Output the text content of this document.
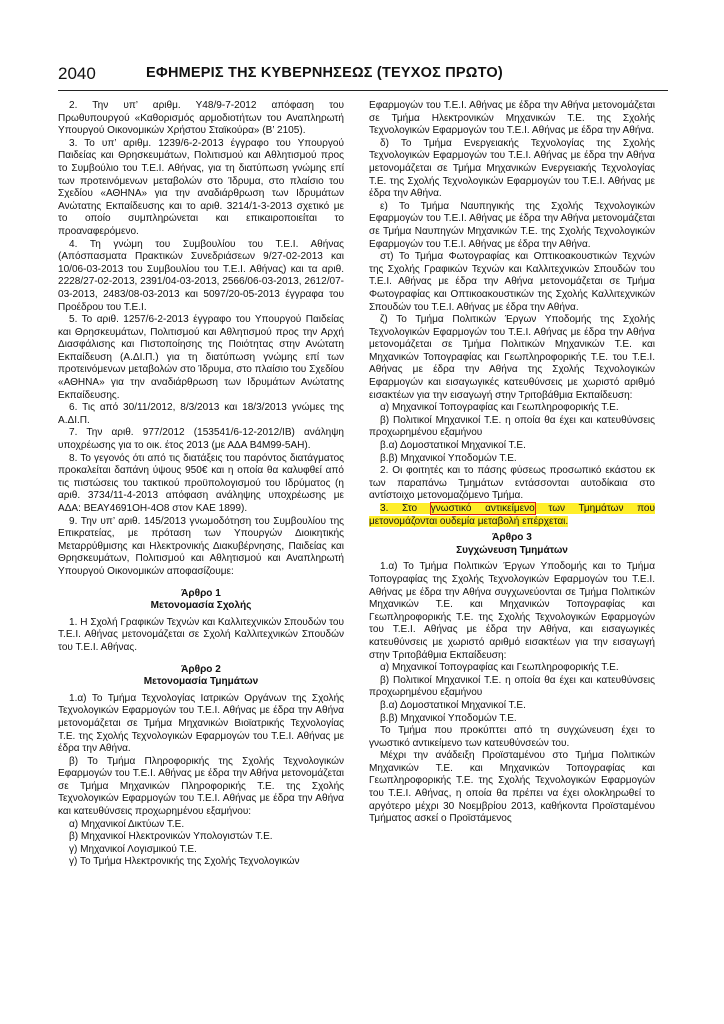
2040	ΕΦΗΜΕΡΙΣ ΤΗΣ ΚΥΒΕΡΝΗΣΕΩΣ (ΤΕΥΧΟΣ ΠΡΩΤΟ)

2. Την υπ’ αριθμ. Υ48/9-7-2012 απόφαση του Πρωθυπουργού «Καθορισμός αρμοδιοτήτων του Αναπληρωτή Υπουργού Οικονομικών Χρήστου Σταϊκούρα» (Β’ 2105).

3. Το υπ’ αριθμ. 1239/6-2-2013 έγγραφο του Υπουργού Παιδείας και Θρησκευμάτων, Πολιτισμού και Αθλητισμού προς το Συμβούλιο του Τ.Ε.Ι. Αθήνας, για τη διατύπωση γνώμης επί των προτεινόμενων μεταβολών στο Ίδρυμα, στο πλαίσιο του Σχεδίου «ΑΘΗΝΑ» για την αναδιάρθρωση των Ιδρυμάτων Ανώτατης Εκπαίδευσης και το αριθ. 3214/1-3-2013 σχετικό με το οποίο συμπληρώνεται και επικαιροποιείται το προαναφερόμενο.

4. Τη γνώμη του Συμβουλίου του Τ.Ε.Ι. Αθήνας (Απόσπασματα Πρακτικών Συνεδριάσεων 9/27-02-2013 και 10/06-03-2013 του Συμβουλίου του Τ.Ε.Ι. Αθήνας) και τα αριθ. 2228/27-02-2013, 2391/04-03-2013, 2566/06-03-2013, 2612/07-03-2013, 2483/08-03-2013 και 5097/20-05-2013 έγγραφα του Προέδρου του Τ.Ε.Ι.

5. Το αριθ. 1257/6-2-2013 έγγραφο του Υπουργού Παιδείας και Θρησκευμάτων, Πολιτισμού και Αθλητισμού προς την Αρχή Διασφάλισης και Πιστοποίησης της Ποιότητας στην Ανώτατη Εκπαίδευση (Α.ΔΙ.Π.) για τη διατύπωση γνώμης επί των προτεινόμενων μεταβολών στο Ίδρυμα, στο πλαίσιο του Σχεδίου «ΑΘΗΝΑ» για την αναδιάρθρωση των Ιδρυμάτων Ανώτατης Εκπαίδευσης.

6. Τις από 30/11/2012, 8/3/2013 και 18/3/2013 γνώμες της Α.ΔΙ.Π.

7. Την αριθ. 977/2012 (153541/6-12-2012/ΙΒ) ανάληψη υποχρέωσης για το οικ. έτος 2013 (με ΑΔΑ Β4Μ99-5ΑΗ).

8. Το γεγονός ότι από τις διατάξεις του παρόντος διατάγματος προκαλείται δαπάνη ύψους 950€ και η οποία θα καλυφθεί από τις πιστώσεις του τακτικού προϋπολογισμού του Ιδρύματος (η αριθ. 3734/11-4-2013 απόφαση ανάληψης υποχρέωσης με ΑΔΑ: ΒΕΑΥ4691ΟΗ-4Ο8 στον ΚΑΕ 1899).

9. Την υπ’ αριθ. 145/2013 γνωμοδότηση του Συμβουλίου της Επικρατείας, με πρόταση των Υπουργών Διοικητικής Μεταρρύθμισης και Ηλεκτρονικής Διακυβέρνησης, Παιδείας και Θρησκευμάτων, Πολιτισμού και Αθλητισμού και Αναπληρωτή Υπουργού Οικονομικών αποφασίζουμε:

Άρθρο 1

Μετονομασία Σχολής

1. Η Σχολή Γραφικών Τεχνών και Καλλιτεχνικών Σπουδών του Τ.Ε.Ι. Αθήνας μετονομάζεται σε Σχολή Καλλιτεχνικών Σπουδών του Τ.Ε.Ι. Αθήνας.

Άρθρο 2

Μετονομασία Τμημάτων

1.α) Το Τμήμα Τεχνολογίας Ιατρικών Οργάνων της Σχολής Τεχνολογικών Εφαρμογών του Τ.Ε.Ι. Αθήνας με έδρα την Αθήνα μετονομάζεται σε Τμήμα Μηχανικών Βιοϊατρικής Τεχνολογίας Τ.Ε. της Σχολής Τεχνολογικών Εφαρμογών του Τ.Ε.Ι. Αθήνας με έδρα την Αθήνα.

β) Το Τμήμα Πληροφορικής της Σχολής Τεχνολογικών Εφαρμογών του Τ.Ε.Ι. Αθήνας με έδρα την Αθήνα μετονομάζεται σε Τμήμα Μηχανικών Πληροφορικής Τ.Ε. της Σχολής Τεχνολογικών Εφαρμογών του Τ.Ε.Ι. Αθήνας με έδρα την Αθήνα και κατευθύνσεις προχωρημένου εξαμήνου:

α) Μηχανικοί Δικτύων Τ.Ε.

β) Μηχανικοί Ηλεκτρονικών Υπολογιστών Τ.Ε.

γ) Μηχανικοί Λογισμικού Τ.Ε.

γ) Το Τμήμα Ηλεκτρονικής της Σχολής Τεχνολογικών

Εφαρμογών του Τ.Ε.Ι. Αθήνας με έδρα την Αθήνα μετονομάζεται σε Τμήμα Ηλεκτρονικών Μηχανικών Τ.Ε. της Σχολής Τεχνολογικών Εφαρμογών του Τ.Ε.Ι. Αθήνας με έδρα την Αθήνα.

δ) Το Τμήμα Ενεργειακής Τεχνολογίας της Σχολής Τεχνολογικών Εφαρμογών του Τ.Ε.Ι. Αθήνας με έδρα την Αθήνα μετονομάζεται σε Τμήμα Μηχανικών Ενεργειακής Τεχνολογίας Τ.Ε. της Σχολής Τεχνολογικών Εφαρμογών του Τ.Ε.Ι. Αθήνας με έδρα την Αθήνα.

ε) Το Τμήμα Ναυπηγικής της Σχολής Τεχνολογικών Εφαρμογών του Τ.Ε.Ι. Αθήνας με έδρα την Αθήνα μετονομάζεται σε Τμήμα Ναυπηγών Μηχανικών Τ.Ε. της Σχολής Τεχνολογικών Εφαρμογών του Τ.Ε.Ι. Αθήνας με έδρα την Αθήνα.

στ) Το Τμήμα Φωτογραφίας και Οπτικοακουστικών Τεχνών της Σχολής Γραφικών Τεχνών και Καλλιτεχνικών Σπουδών του Τ.Ε.Ι. Αθήνας με έδρα την Αθήνα μετονομάζεται σε Τμήμα Φωτογραφίας και Οπτικοακουστικών της Σχολής Καλλιτεχνικών Σπουδών του Τ.Ε.Ι. Αθήνας με έδρα την Αθήνα.

ζ) Το Τμήμα Πολιτικών Έργων Υποδομής της Σχολής Τεχνολογικών Εφαρμογών του Τ.Ε.Ι. Αθήνας με έδρα την Αθήνα μετονομάζεται σε Τμήμα Πολιτικών Μηχανικών Τ.Ε. και Μηχανικών Τοπογραφίας και Γεωπληροφορικής Τ.Ε. του Τ.Ε.Ι. Αθήνας με έδρα την Αθήνα της Σχολής Τεχνολογικών Εφαρμογών και εισαγωγικές κατευθύνσεις με χωριστό αριθμό εισακτέων για την εισαγωγή στην Τριτοβάθμια Εκπαίδευση:

α) Μηχανικοί Τοπογραφίας και Γεωπληροφορικής Τ.Ε.

β) Πολιτικοί Μηχανικοί Τ.Ε. η οποία θα έχει και κατευθύνσεις προχωρημένου εξαμήνου

β.α) Δομοστατικοί Μηχανικοί Τ.Ε.

β.β) Μηχανικοί Υποδομών Τ.Ε.

2. Οι φοιτητές και το πάσης φύσεως προσωπικό εκάστου εκ των παραπάνω Τμημάτων εντάσσονται αυτοδίκαια στο αντίστοιχο μετονομαζόμενο Τμήμα.

3. Στο γνωστικό αντικείμενο των Τμημάτων που μετονομάζονται ουδεμία μεταβολή επέρχεται.

Άρθρο 3

Συγχώνευση Τμημάτων

1.α) Το Τμήμα Πολιτικών Έργων Υποδομής και το Τμήμα Τοπογραφίας της Σχολής Τεχνολογικών Εφαρμογών του Τ.Ε.Ι. Αθήνας με έδρα την Αθήνα συγχωνεύονται σε Τμήμα Πολιτικών Μηχανικών Τ.Ε. και Μηχανικών Τοπογραφίας και Γεωπληροφορικής Τ.Ε. της Σχολής Τεχνολογικών Εφαρμογών του Τ.Ε.Ι. Αθήνας με έδρα την Αθήνα, και εισαγωγικές κατευθύνσεις με χωριστό αριθμό εισακτέων για την εισαγωγή στην Τριτοβάθμια Εκπαίδευση:

α) Μηχανικοί Τοπογραφίας και Γεωπληροφορικής Τ.Ε.

β) Πολιτικοί Μηχανικοί Τ.Ε. η οποία θα έχει και κατευθύνσεις προχωρημένου εξαμήνου

β.α) Δομοστατικοί Μηχανικοί Τ.Ε.

β.β) Μηχανικοί Υποδομών Τ.Ε.

Το Τμήμα που προκύπτει από τη συγχώνευση έχει το γνωστικό αντικείμενο των κατευθύνσεών του.

Μέχρι την ανάδειξη Προϊσταμένου στο Τμήμα Πολιτικών Μηχανικών Τ.Ε. και Μηχανικών Τοπογραφίας και Γεωπληροφορικής Τ.Ε. της Σχολής Τεχνολογικών Εφαρμογών του Τ.Ε.Ι. Αθήνας, η οποία θα πρέπει να έχει ολοκληρωθεί το αργότερο μέχρι 30 Νοεμβρίου 2013, καθήκοντα Προϊσταμένου Τμήματος ασκεί ο Προϊστάμενος
